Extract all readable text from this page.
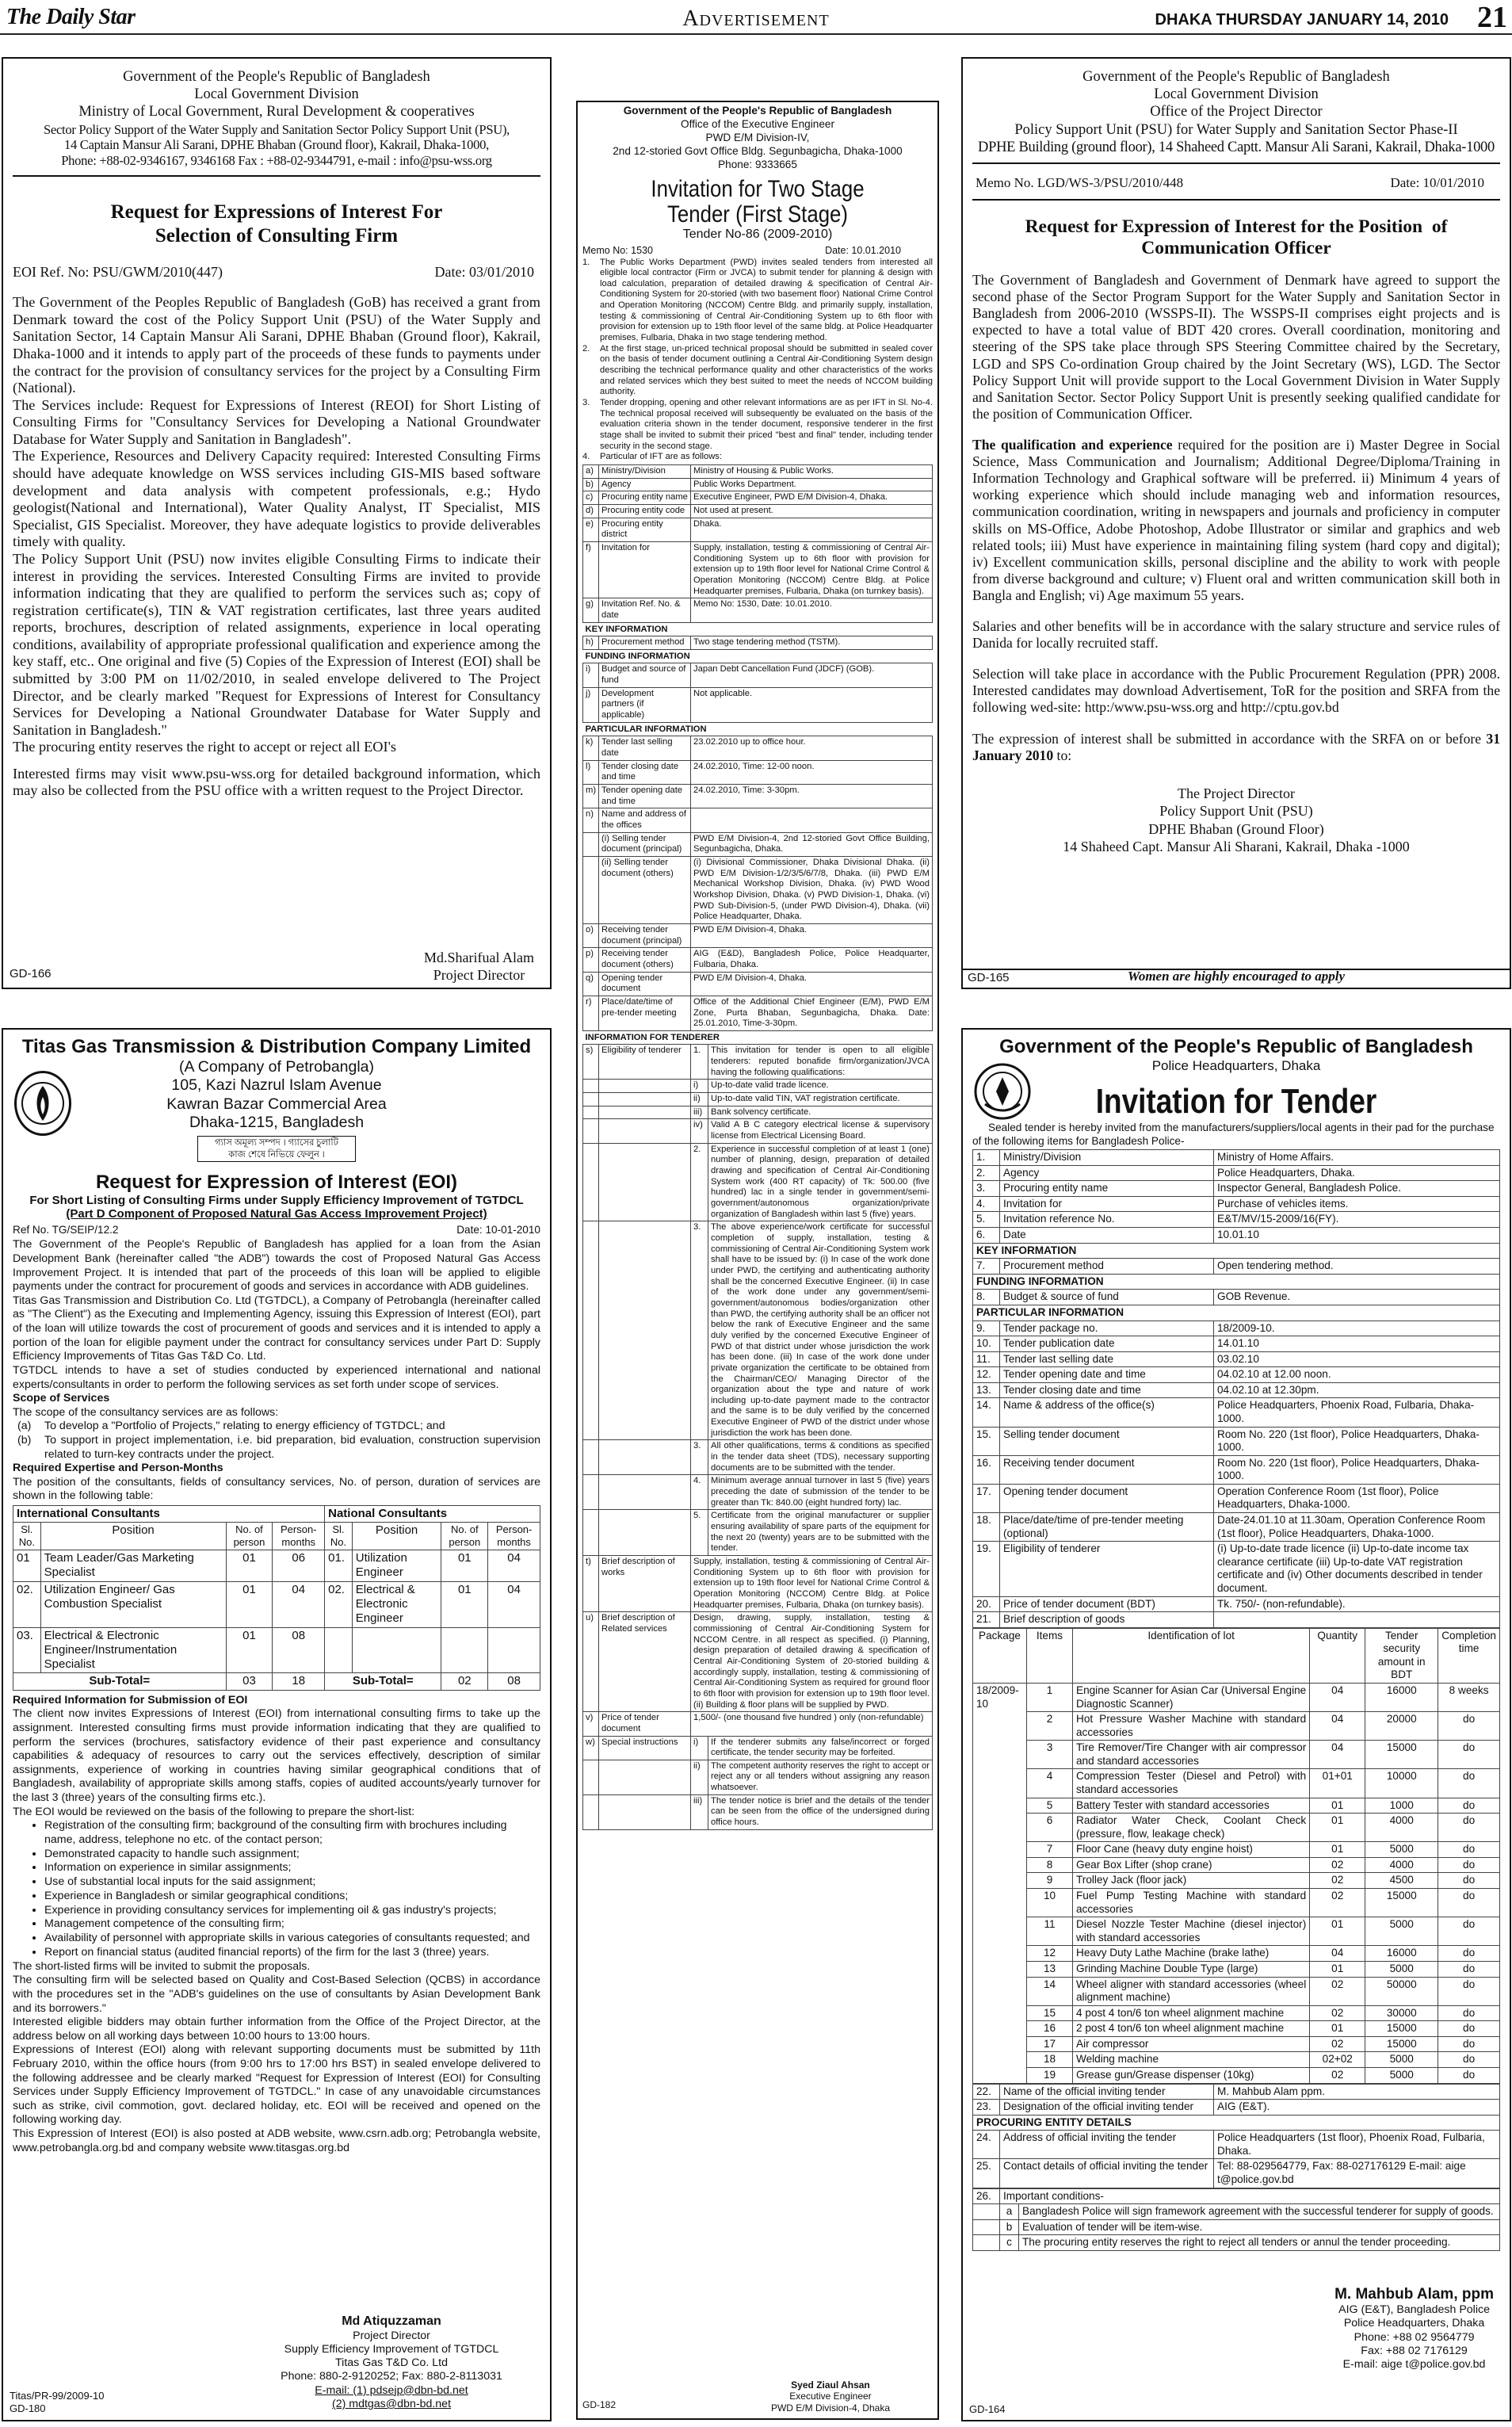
The Daily Star	Advertisement	DHAKA THURSDAY JANUARY 14, 2010 21
Government of the People's Republic of Bangladesh
Local Government Division
Ministry of Local Government, Rural Development & cooperatives
Sector Policy Support of the Water Supply and Sanitation Sector Policy Support Unit (PSU),
14 Captain Mansur Ali Sarani, DPHE Bhaban (Ground floor), Kakrail, Dhaka-1000,
Phone: +88-02-9346167, 9346168 Fax : +88-02-9344791, e-mail : info@psu-wss.org
Request for Expressions of Interest For
Selection of Consulting Firm
EOI Ref. No: PSU/GWM/2010(447)	Date: 03/01/2010

The Government of the Peoples Republic of Bangladesh (GoB) has received a grant from Denmark toward the cost of the Policy Support Unit (PSU) of the Water Supply and Sanitation Sector, 14 Captain Mansur Ali Sarani, DPHE Bhaban (Ground floor), Kakrail, Dhaka-1000 and it intends to apply part of the proceeds of these funds to payments under the contract for the provision of consultancy services for the project by a Consulting Firm (National).

The Services include: Request for Expressions of Interest (REOI) for Short Listing of Consulting Firms for "Consultancy Services for Developing a National Groundwater Database for Water Supply and Sanitation in Bangladesh".

The Experience, Resources and Delivery Capacity required: Interested Consulting Firms should have adequate knowledge on WSS services including GIS-MIS based software development and data analysis with competent professionals, e.g.; Hydo geologist(National and International), Water Quality Analyst, IT Specialist, MIS Specialist, GIS Specialist. Moreover, they have adequate logistics to provide deliverables timely with quality.

The Policy Support Unit (PSU) now invites eligible Consulting Firms to indicate their interest in providing the services. Interested Consulting Firms are invited to provide information indicating that they are qualified to perform the services such as; copy of registration certificate(s), TIN & VAT registration certificates, last three years audited reports, brochures, description of related assignments, experience in local operating conditions, availability of appropriate professional qualification and experience among the key staff, etc.. One original and five (5) Copies of the Expression of Interest (EOI) shall be submitted by 3:00 PM on 11/02/2010, in sealed envelope delivered to The Project Director, and be clearly marked "Request for Expressions of Interest for Consultancy Services for Developing a National Groundwater Database for Water Supply and Sanitation in Bangladesh."

The procuring entity reserves the right to accept or reject all EOI's

Interested firms may visit www.psu-wss.org for detailed background information, which may also be collected from the PSU office with a written request to the Project Director.

Md.Sharifual Alam
Project Director
GD-166
Government of the People's Republic of Bangladesh
Office of the Executive Engineer
PWD E/M Division-IV,
2nd 12-storied Govt Office Bldg. Segunbagicha, Dhaka-1000
Phone: 9333665
Invitation for Two Stage
Tender (First Stage)
Tender No-86 (2009-2010)
Memo No: 1530	Date: 10.01.2010
1.	The Public Works Department (PWD) invites sealed tenders from interested all eligible local contractor (Firm or JVCA) to submit tender for planning & design with load calculation, preparation of detailed drawing & specification of Central Air-Conditioning System for 20-storied (with two basement floor) National Crime Control and Operation Monitoring (NCCOM) Centre Bldg. and primarily supply, installation, testing & commissioning of Central Air-Conditioning System up to 6th floor with provision for extension up to 19th floor level of the same bldg. at Police Headquarter premises, Fulbaria, Dhaka in two stage tendering method.
2.	At the first stage, un-priced technical proposal should be submitted in sealed cover on the basis of tender document outlining a Central Air-Conditioning System design describing the technical performance quality and other characteristics of the works and related services which they best suited to meet the needs of NCCOM building authority.
3.	Tender dropping, opening and other relevant informations are as per IFT in Sl. No-4. The technical proposal received will subsequently be evaluated on the basis of the evaluation criteria shown in the tender document, responsive tenderer in the first stage shall be invited to submit their priced "best and final" tender, including tender security in the second stage.
4.	Particular of IFT are as follows:
a)	Ministry/Division	Ministry of Housing & Public Works.	
b)	Agency	Public Works Department.	
c)	Procuring entity name	Executive Engineer, PWD E/M Division-4, Dhaka.	
d)	Procuring entity code	Not used at present.	
e)	Procuring entity district	Dhaka.	
f)	Invitation for	Supply, installation, testing & commissioning of Central Air-Conditioning System up to 6th floor with provision for extension up to 19th floor level for National Crime Control & Operation Monitoring (NCCOM) Centre Bldg. at Police Headquarter premises, Fulbaria, Dhaka (on turnkey basis).	
g)	Invitation Ref. No. & date	Memo No: 1530, Date: 10.01.2010.	
KEY INFORMATION			
h)	Procurement method	Two stage tendering method (TSTM).	
FUNDING INFORMATION			
i)	Budget and source of fund	Japan Debt Cancellation Fund (JDCF) (GOB).	
j)	Development partners (if applicable)	Not applicable.	
PARTICULAR INFORMATION			
k)	Tender last selling date	23.02.2010 up to office hour.	
l)	Tender closing date and time	24.02.2010, Time: 12-00 noon.	
m)	Tender opening date and time	24.02.2010, Time: 3-30pm.	
n)	Name and address of the offices		
	(i) Selling tender document (principal)	PWD E/M Division-4, 2nd 12-storied Govt Office Building, Segunbagicha, Dhaka.	
	(ii) Selling tender document (others)	(i) Divisional Commissioner, Dhaka Divisional Dhaka. (ii) PWD E/M Division-1/2/3/5/6/7/8, Dhaka. (iii) PWD E/M Mechanical Workshop Division, Dhaka. (iv) PWD Wood Workshop Division, Dhaka. (v) PWD Division-1, Dhaka. (vi) PWD Sub-Division-5, (under PWD Division-4), Dhaka. (vii) Police Headquarter, Dhaka.	
o)	Receiving tender document (principal)	PWD E/M Division-4, Dhaka.	
p)	Receiving tender document (others)	AIG (E&D), Bangladesh Police, Police Headquarter, Fulbaria, Dhaka.	
q)	Opening tender document	PWD E/M Division-4, Dhaka.	
r)	Place/date/time of pre-tender meeting	Office of the Additional Chief Engineer (E/M), PWD E/M Zone, Purta Bhaban, Segunbagicha, Dhaka. Date: 25.01.2010, Time-3-30pm.	
INFORMATION FOR TENDERER			
s)	Eligibility of tenderer	1.	This invitation for tender is open to all eligible tenderers: reputed bonafide firm/organization/JVCA having the following qualifications:
		i)	Up-to-date valid trade licence.
		ii)	Up-to-date valid TIN, VAT registration certificate.
		iii)	Bank solvency certificate.
		iv)	Valid A B C category electrical license & supervisory license from Electrical Licensing Board.
		2.	Experience in successful completion of at least 1 (one) number of planning, design, preparation of detailed drawing and specification of Central Air-Conditioning System work (400 RT capacity) of Tk: 500.00 (five hundred) lac in a single tender in government/semi-government/autonomous organization/private organization of Bangladesh within last 5 (five) years.
		3.	The above experience/work certificate for successful completion of supply, installation, testing & commissioning of Central Air-Conditioning System work shall have to be issued by: (i) In case of the work done under PWD, the certifying and authenticating authority shall be the concerned Executive Engineer. (ii) In case of the work done under any government/semi-government/autonomous bodies/organization other than PWD, the certifying authority shall be an officer not below the rank of Executive Engineer and the same duly verified by the concerned Executive Engineer of PWD of that district under whose jurisdiction the work has been done. (iii) In case of the work done under private organization the certificate to be obtained from the Chairman/CEO/ Managing Director of the organization about the type and nature of work including up-to-date payment made to the contractor and the same is to be duly verified by the concerned Executive Engineer of PWD of the district under whose jurisdiction the work has been done.
		3.	All other qualifications, terms & conditions as specified in the tender data sheet (TDS), necessary supporting documents are to be submitted with the tender.
		4.	Minimum average annual turnover in last 5 (five) years preceding the date of submission of the tender to be greater than Tk: 840.00 (eight hundred forty) lac.
		5.	Certificate from the original manufacturer or supplier ensuring availability of spare parts of the equipment for the next 20 (twenty) years are to be submitted with the tender.
t)	Brief description of works	Supply, installation, testing & commissioning of Central Air-Conditioning System up to 6th floor with provision for extension up to 19th floor level for National Crime Control & Operation Monitoring (NCCOM) Centre Bldg. at Police Headquarter premises, Fulbaria, Dhaka (on turnkey basis).	
u)	Brief description of Related services	Design, drawing, supply, installation, testing & commissioning of Central Air-Conditioning System for NCCOM Centre. in all respect as specified. (i) Planning, design preparation of detailed drawing & specification of Central Air-Conditioning System of 20-storied building & accordingly supply, installation, testing & commissioning of Central Air-Conditioning System as required for ground floor to 6th floor with provision for extension up to 19th floor level. (ii) Building & floor plans will be supplied by PWD.	
v)	Price of tender document	1,500/- (one thousand five hundred ) only (non-refundable)	
w)	Special instructions	i)	If the tenderer submits any false/incorrect or forged certificate, the tender security may be forfeited.
		ii)	The competent authority reserves the right to accept or reject any or all tenders without assigning any reason whatsoever.
		iii)	The tender notice is brief and the details of the tender can be seen from the office of the undersigned during office hours.
Syed Ziaul Ahsan
Executive Engineer
PWD E/M Division-4, Dhaka
GD-182
Government of the People's Republic of Bangladesh
Local Government Division
Office of the Project Director
Policy Support Unit (PSU) for Water Supply and Sanitation Sector Phase-II
DPHE Building (ground floor), 14 Shaheed Captt. Mansur Ali Sarani, Kakrail, Dhaka-1000
Memo No. LGD/WS-3/PSU/2010/448	Date: 10/01/2010
Request for Expression of Interest for the Position  of
Communication Officer

The Government of Bangladesh and Government of Denmark have agreed to support the second phase of the Sector Program Support for the Water Supply and Sanitation Sector in Bangladesh from 2006-2010 (WSSPS-II). The WSSPS-II comprises eight projects and is expected to have a total value of BDT 420 crores. Overall coordination, monitoring and steering of the SPS take place through SPS Steering Committee chaired by the Secretary, LGD and SPS Co-ordination Group chaired by the Joint Secretary (WS), LGD. The Sector Policy Support Unit will provide support to the Local Government Division in Water Supply and Sanitation Sector. Sector Policy Support Unit is presently seeking qualified candidate for the position of Communication Officer.

The qualification and experience required for the position are i) Master Degree in Social Science, Mass Communication and Journalism; Additional Degree/Diploma/Training in Information Technology and Graphical software will be preferred. ii) Minimum 4 years of working experience which should include managing web and information resources, communication coordination, writing in newspapers and journals and proficiency in computer skills on MS-Office, Adobe Photoshop, Adobe Illustrator or similar and graphics and web related tools; iii) Must have experience in maintaining filing system (hard copy and digital); iv) Excellent communication skills, personal discipline and the ability to work with people from diverse background and culture; v) Fluent oral and written communication skill both in Bangla and English; vi) Age maximum 55 years.

Salaries and other benefits will be in accordance with the salary structure and service rules of Danida for locally recruited staff.

Selection will take place in accordance with the Public Procurement Regulation (PPR) 2008. Interested candidates may download Advertisement, ToR for the position and SRFA from the following wed-site: http:/www.psu-wss.org and http://cptu.gov.bd

The expression of interest shall be submitted in accordance with the SRFA on or before 31 January 2010 to:

The Project Director
Policy Support Unit (PSU)
DPHE Bhaban (Ground Floor)
14 Shaheed Capt. Mansur Ali Sharani, Kakrail, Dhaka -1000
Women are highly encouraged to apply
GD-165
Titas Gas Transmission & Distribution Company Limited
(A Company of Petrobangla)
105, Kazi Nazrul Islam Avenue
Kawran Bazar Commercial Area
Dhaka-1215, Bangladesh
গ্যাস অমূল্য সম্পদ । গ্যাসের চুলাটি
কাজ শেষে নিভিয়ে ফেলুন ।
Request for Expression of Interest (EOI)
For Short Listing of Consulting Firms under Supply Efficiency Improvement of TGTDCL
(Part D Component of Proposed Natural Gas Access Improvement Project)
Ref No. TG/SEIP/12.2	Date: 10-01-2010

The Government of the People's Republic of Bangladesh has applied for a loan from the Asian Development Bank (hereinafter called "the ADB") towards the cost of Proposed Natural Gas Access Improvement Project. It is intended that part of the proceeds of this loan will be applied to eligible payments under the contract for procurement of goods and services in accordance with ADB guidelines.

Titas Gas Transmission and Distribution Co. Ltd (TGTDCL), a Company of Petrobangla (hereinafter called as "The Client") as the Executing and Implementing Agency, issuing this Expression of Interest (EOI), part of the loan will utilize towards the cost of procurement of goods and services and it is intended to apply a portion of the loan for eligible payment under the contract for consultancy services under Part D: Supply Efficiency Improvements of Titas Gas T&D Co. Ltd.

TGTDCL intends to have a set of studies conducted by experienced international and national experts/consultants in order to perform the following services as set forth under scope of services.

Scope of Services

The scope of the consultancy services are as follows:

(a)	To develop a "Portfolio of Projects," relating to energy efficiency of TGTDCL; and
(b)	To support in project implementation, i.e. bid preparation, bid evaluation, construction supervision related to turn-key contracts under the project.

Required Expertise and Person-Months

The position of the consultants, fields of consultancy services, No. of person, duration of services are shown in the following table:

International Consultants				National Consultants			
Sl. No.	Position	No. of person	Person-months	Sl. No.	Position	No. of person	Person-months
01	Team Leader/Gas Marketing Specialist	01	06	01.	Utilization Engineer	01	04
02.	Utilization Engineer/ Gas Combustion Specialist	01	04	02.	Electrical & Electronic Engineer	01	04
03.	Electrical & Electronic Engineer/Instrumentation Specialist	01	08				
Sub-Total=		03	18	Sub-Total=		02	08

Required Information for Submission of EOI

The client now invites Expressions of Interest (EOI) from international consulting firms to take up the assignment. Interested consulting firms must provide information indicating that they are qualified to perform the services (brochures, satisfactory evidence of their past experience and consultancy capabilities & adequacy of resources to carry out the services effectively, description of similar assignments, experience of working in countries having similar geographical conditions that of Bangladesh, availability of appropriate skills among staffs, copies of audited accounts/yearly turnover for the last 3 (three) years of the consulting firms etc.).

The EOI would be reviewed on the basis of the following to prepare the short-list:

• Registration of the consulting firm; background of the consulting firm with brochures including name, address, telephone no etc. of the contact person;
• Demonstrated capacity to handle such assignment;
• Information on experience in similar assignments;
• Use of substantial local inputs for the said assignment;
• Experience in Bangladesh or similar geographical conditions;
• Experience in providing consultancy services for implementing oil & gas industry's projects;
• Management competence of the consulting firm;
• Availability of personnel with appropriate skills in various categories of consultants requested; and
• Report on financial status (audited financial reports) of the firm for the last 3 (three) years.

The short-listed firms will be invited to submit the proposals.

The consulting firm will be selected based on Quality and Cost-Based Selection (QCBS) in accordance with the procedures set in the "ADB's guidelines on the use of consultants by Asian Development Bank and its borrowers."

Interested eligible bidders may obtain further information from the Office of the Project Director, at the address below on all working days between 10:00 hours to 13:00 hours.

Expressions of Interest (EOI) along with relevant supporting documents must be submitted by 11th February 2010, within the office hours (from 9:00 hrs to 17:00 hrs BST) in sealed envelope delivered to the following addressee and be clearly marked "Request for Expression of Interest (EOI) for Consulting Services under Supply Efficiency Improvement of TGTDCL." In case of any unavoidable circumstances such as strike, civil commotion, govt. declared holiday, etc. EOI will be received and opened on the following working day.

This Expression of Interest (EOI) is also posted at ADB website, www.csrn.adb.org; Petrobangla website, www.petrobangla.org.bd and company website www.titasgas.org.bd

Md Atiquzzaman
Project Director
Supply Efficiency Improvement of TGTDCL
Titas Gas T&D Co. Ltd
Phone: 880-2-9120252; Fax: 880-2-8113031
E-mail: (1) pdsejp@dbn-bd.net
(2) mdtgas@dbn-bd.net
Titas/PR-99/2009-10
GD-180
Government of the People's Republic of Bangladesh
Police Headquarters, Dhaka
Invitation for Tender
Sealed tender is hereby invited from the manufacturers/suppliers/local agents in their pad for the purchase of the following items for Bangladesh Police-
1.	Ministry/Division	Ministry of Home Affairs.
2.	Agency	Police Headquarters, Dhaka.
3.	Procuring entity name	Inspector General, Bangladesh Police.
4.	Invitation for	Purchase of vehicles items.
5.	Invitation reference No.	E&T/MV/15-2009/16(FY).
6.	Date	10.01.10
KEY INFORMATION		
7.	Procurement method	Open tendering method.
FUNDING INFORMATION		
8.	Budget & source of fund	GOB Revenue.
PARTICULAR INFORMATION		
9.	Tender package no.	18/2009-10.
10.	Tender publication date	14.01.10
11.	Tender last selling date	03.02.10
12.	Tender opening date and time	04.02.10 at 12.00 noon.
13.	Tender closing date and time	04.02.10 at 12.30pm.
14.	Name & address of the office(s)	Police Headquarters, Phoenix Road, Fulbaria, Dhaka-1000.
15.	Selling tender document	Room No. 220 (1st floor), Police Headquarters, Dhaka-1000.
16.	Receiving tender document	Room No. 220 (1st floor), Police Headquarters, Dhaka-1000.
17.	Opening tender document	Operation Conference Room (1st floor), Police Headquarters, Dhaka-1000.
18.	Place/date/time of pre-tender meeting (optional)	Date-24.01.10 at 11.30am, Operation Conference Room (1st floor), Police Headquarters, Dhaka-1000.
19.	Eligibility of tenderer	(i) Up-to-date trade licence (ii) Up-to-date income tax clearance certificate (iii) Up-to-date VAT registration certificate and (iv) Other documents described in tender document.
20.	Price of tender document (BDT)	Tk. 750/- (non-refundable).
21.	Brief description of goods	
Package	Items	Identification of lot	Quantity	Tender security amount in BDT	Completion time
18/2009-10	1	Engine Scanner for Asian Car (Universal Engine Diagnostic Scanner)	04	16000	8 weeks
	2	Hot Pressure Washer Machine with standard accessories	04	20000	do
	3	Tire Remover/Tire Changer with air compressor and standard accessories	04	15000	do
	4	Compression Tester (Diesel and Petrol) with standard accessories	01+01	10000	do
	5	Battery Tester with standard accessories	01	1000	do
	6	Radiator Water Check, Coolant Check (pressure, flow, leakage check)	01	4000	do
	7	Floor Cane (heavy duty engine hoist)	01	5000	do
	8	Gear Box Lifter (shop crane)	02	4000	do
	9	Trolley Jack (floor jack)	02	4500	do
	10	Fuel Pump Testing Machine with standard accessories	02	15000	do
	11	Diesel Nozzle Tester Machine (diesel injector) with standard accessories	01	5000	do
	12	Heavy Duty Lathe Machine (brake lathe)	04	16000	do
	13	Grinding Machine Double Type (large)	01	5000	do
	14	Wheel aligner with standard accessories (wheel alignment machine)	02	50000	do
	15	4 post 4 ton/6 ton wheel alignment machine	02	30000	do
	16	2 post 4 ton/6 ton wheel alignment machine	01	15000	do
	17	Air compressor	02	15000	do
	18	Welding machine	02+02	5000	do
	19	Grease gun/Grease dispenser (10kg)	02	5000	do
22.	Name of the official inviting tender	M. Mahbub Alam ppm.
23.	Designation of the official inviting tender	AIG (E&T).
PROCURING ENTITY DETAILS		
24.	Address of official inviting the tender	Police Headquarters (1st floor), Phoenix Road, Fulbaria, Dhaka.
25.	Contact details of official inviting the tender	Tel: 88-029564779, Fax: 88-027176129 E-mail: aige t@police.gov.bd
26.	Important conditions-	
	a	Bangladesh Police will sign framework agreement with the successful tenderer for supply of goods.
	b	Evaluation of tender will be item-wise.
	c	The procuring entity reserves the right to reject all tenders or annul the tender proceeding.
M. Mahbub Alam, ppm
AIG (E&T), Bangladesh Police
Police Headquarters, Dhaka
Phone: +88 02 9564779
Fax: +88 02 7176129
E-mail: aige t@police.gov.bd
GD-164
